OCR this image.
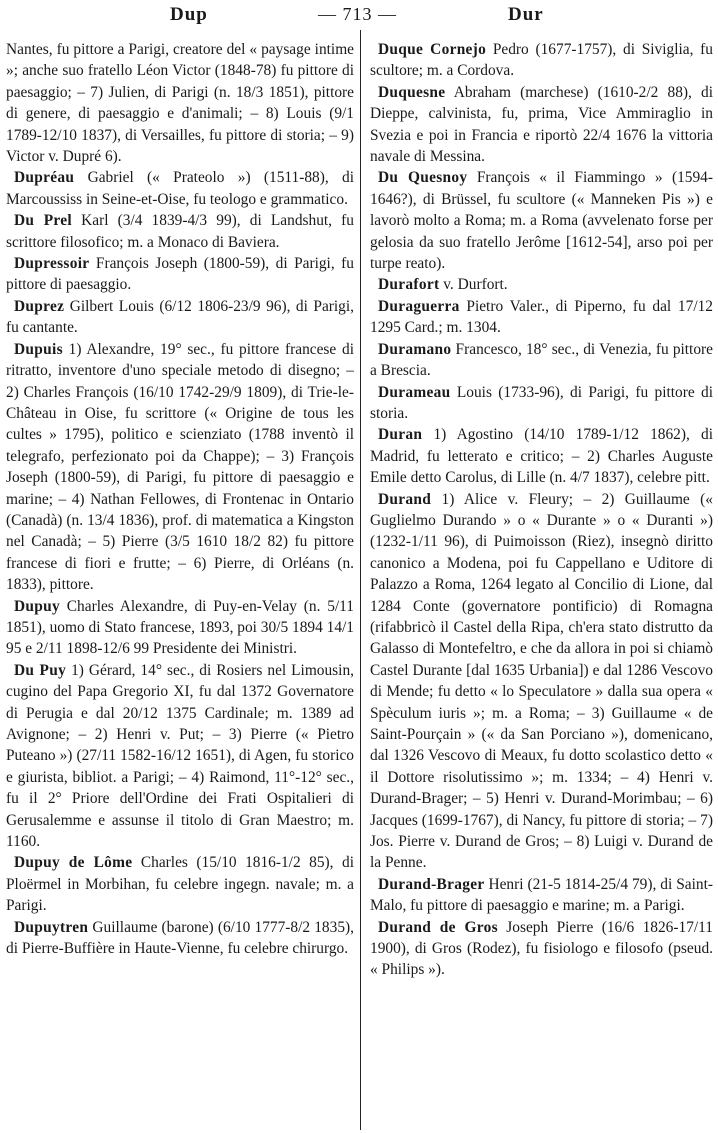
Dup	— 713 —	Dur

Nantes, fu pittore a Parigi, creatore del « paysage intime »; anche suo fratello Léon Victor (1848-78) fu pittore di paesaggio; – 7) Julien, di Parigi (n. 18/3 1851), pittore di genere, di paesaggio e d'animali; – 8) Louis (9/1 1789-12/10 1837), di Versailles, fu pittore di storia; – 9) Victor v. Dupré 6).

Dupréau Gabriel (« Prateolo ») (1511-88), di Marcoussiss in Seine-et-Oise, fu teologo e grammatico.

Du Prel Karl (3/4 1839-4/3 99), di Landshut, fu scrittore filosofico; m. a Monaco di Baviera.

Dupressoir François Joseph (1800-59), di Parigi, fu pittore di paesaggio.

Duprez Gilbert Louis (6/12 1806-23/9 96), di Parigi, fu cantante.

Dupuis 1) Alexandre, 19° sec., fu pittore francese di ritratto, inventore d'uno speciale metodo di disegno; – 2) Charles François (16/10 1742-29/9 1809), di Trie-le-Château in Oise, fu scrittore (« Origine de tous les cultes » 1795), politico e scienziato (1788 inventò il telegrafo, perfezionato poi da Chappe); – 3) François Joseph (1800-59), di Parigi, fu pittore di paesaggio e marine; – 4) Nathan Fellowes, di Frontenac in Ontario (Canadà) (n. 13/4 1836), prof. di matematica a Kingston nel Canadà; – 5) Pierre (3/5 1610 18/2 82) fu pittore francese di fiori e frutte; – 6) Pierre, di Orléans (n. 1833), pittore.

Dupuy Charles Alexandre, di Puy-en-Velay (n. 5/11 1851), uomo di Stato francese, 1893, poi 30/5 1894 14/1 95 e 2/11 1898-12/6 99 Presidente dei Ministri.

Du Puy 1) Gérard, 14° sec., di Rosiers nel Limousin, cugino del Papa Gregorio XI, fu dal 1372 Governatore di Perugia e dal 20/12 1375 Cardinale; m. 1389 ad Avignone; – 2) Henri v. Put; – 3) Pierre (« Pietro Puteano ») (27/11 1582-16/12 1651), di Agen, fu storico e giurista, bibliot. a Parigi; – 4) Raimond, 11°-12° sec., fu il 2° Priore dell'Ordine dei Frati Ospitalieri di Gerusalemme e assunse il titolo di Gran Maestro; m. 1160.

Dupuy de Lôme Charles (15/10 1816-1/2 85), di Ploërmel in Morbihan, fu celebre ingegn. navale; m. a Parigi.

Dupuytren Guillaume (barone) (6/10 1777-8/2 1835), di Pierre-Buffière in Haute-Vienne, fu celebre chirurgo.

Duque Cornejo Pedro (1677-1757), di Siviglia, fu scultore; m. a Cordova.

Duquesne Abraham (marchese) (1610-2/2 88), di Dieppe, calvinista, fu, prima, Vice Ammiraglio in Svezia e poi in Francia e riportò 22/4 1676 la vittoria navale di Messina.

Du Quesnoy François « il Fiammingo » (1594-1646?), di Brüssel, fu scultore (« Manneken Pis ») e lavorò molto a Roma; m. a Roma (avvelenato forse per gelosia da suo fratello Jerôme [1612-54], arso poi per turpe reato).

Durafort v. Durfort.

Duraguerra Pietro Valer., di Piperno, fu dal 17/12 1295 Card.; m. 1304.

Duramano Francesco, 18° sec., di Venezia, fu pittore a Brescia.

Durameau Louis (1733-96), di Parigi, fu pittore di storia.

Duran 1) Agostino (14/10 1789-1/12 1862), di Madrid, fu letterato e critico; – 2) Charles Auguste Emile detto Carolus, di Lille (n. 4/7 1837), celebre pitt.

Durand 1) Alice v. Fleury; – 2) Guillaume (« Guglielmo Durando » o « Durante » o « Duranti ») (1232-1/11 96), di Puimoisson (Riez), insegnò diritto canonico a Modena, poi fu Cappellano e Uditore di Palazzo a Roma, 1264 legato al Concilio di Lione, dal 1284 Conte (governatore pontificio) di Romagna (rifabbricò il Castel della Ripa, ch'era stato distrutto da Galasso di Montefeltro, e che da allora in poi si chiamò Castel Durante [dal 1635 Urbania]) e dal 1286 Vescovo di Mende; fu detto « lo Speculatore » dalla sua opera « Spèculum iuris »; m. a Roma; – 3) Guillaume « de Saint-Pourçain » (« da San Porciano »), domenicano, dal 1326 Vescovo di Meaux, fu dotto scolastico detto « il Dottore risolutissimo »; m. 1334; – 4) Henri v. Durand-Brager; – 5) Henri v. Durand-Morimbau; – 6) Jacques (1699-1767), di Nancy, fu pittore di storia; – 7) Jos. Pierre v. Durand de Gros; – 8) Luigi v. Durand de la Penne.

Durand-Brager Henri (21-5 1814-25/4 79), di Saint-Malo, fu pittore di paesaggio e marine; m. a Parigi.

Durand de Gros Joseph Pierre (16/6 1826-17/11 1900), di Gros (Rodez), fu fisiologo e filosofo (pseud. « Philips »).
